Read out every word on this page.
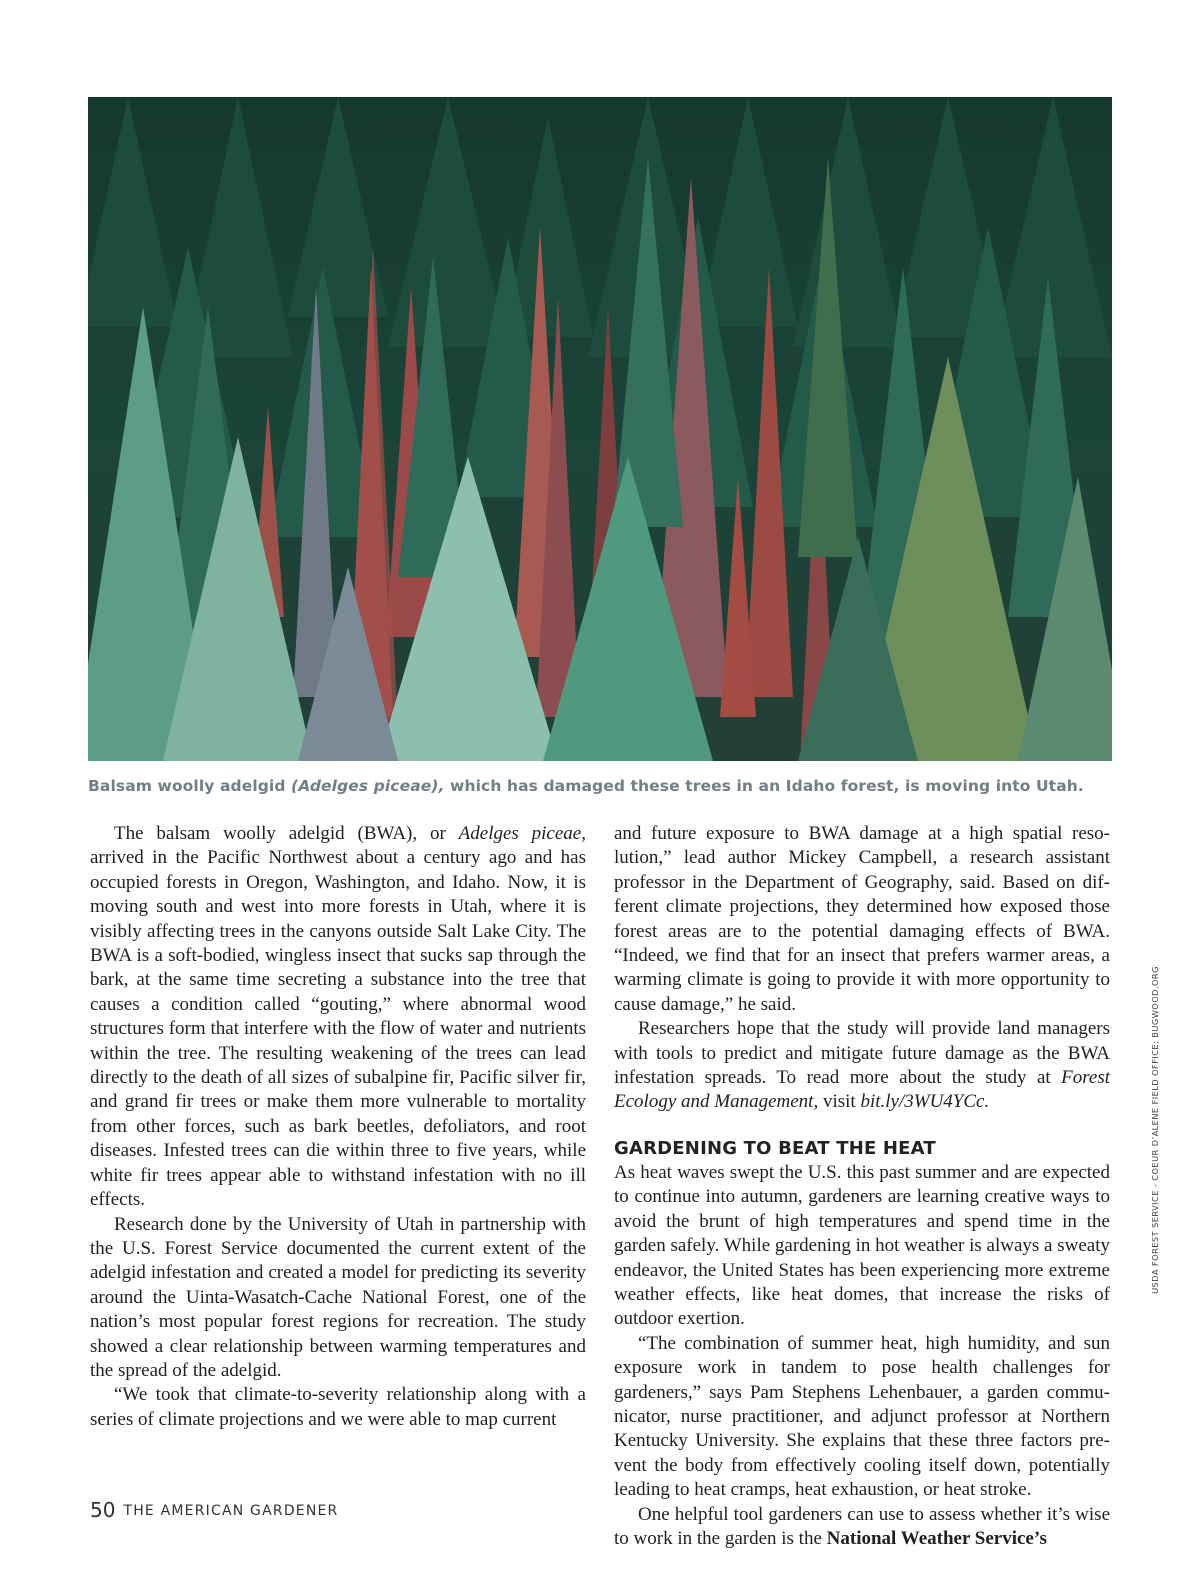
Balsam woolly adelgid (Adelges piceae), which has damaged these trees in an Idaho forest, is moving into Utah.

The balsam woolly adelgid (BWA), or Adelges piceae, arrived in the Pacific Northwest about a century ago and has occupied forests in Oregon, Washington, and Idaho. Now, it is moving south and west into more forests in Utah, where it is visibly affecting trees in the canyons outside Salt Lake City. The BWA is a soft-bodied, wingless insect that sucks sap through the bark, at the same time secreting a substance into the tree that causes a condition called “gouting,” where abnormal wood structures form that interfere with the flow of water and nutrients within the tree. The resulting weakening of the trees can lead directly to the death of all sizes of subalpine fir, Pacific silver fir, and grand fir trees or make them more vulnerable to mortality from other forces, such as bark beetles, defoliators, and root diseases. Infested trees can die within three to five years, while white fir trees appear able to withstand infestation with no ill effects.

Research done by the University of Utah in partnership with the U.S. Forest Service documented the current extent of the adelgid infestation and created a model for predicting its severity around the Uinta-Wasatch-Cache National Forest, one of the nation’s most popular forest regions for recreation. The study showed a clear relationship between warming temperatures and the spread of the adelgid.

“We took that climate-to-severity relationship along with a series of climate projections and we were able to map current

and future exposure to BWA damage at a high spatial resolution,” lead author Mickey Campbell, a research assistant professor in the Department of Geography, said. Based on different climate projections, they determined how exposed those forest areas are to the potential damaging effects of BWA. “Indeed, we find that for an insect that prefers warmer areas, a warming climate is going to provide it with more opportunity to cause damage,” he said.

Researchers hope that the study will provide land managers with tools to predict and mitigate future damage as the BWA infestation spreads. To read more about the study at Forest Ecology and Management, visit bit.ly/3WU4YCc.

GARDENING TO BEAT THE HEAT

As heat waves swept the U.S. this past summer and are expected to continue into autumn, gardeners are learning creative ways to avoid the brunt of high temperatures and spend time in the garden safely. While gardening in hot weather is always a sweaty endeavor, the United States has been experiencing more extreme weather effects, like heat domes, that increase the risks of outdoor exertion.

“The combination of summer heat, high humidity, and sun exposure work in tandem to pose health challenges for gardeners,” says Pam Stephens Lehenbauer, a garden communicator, nurse practitioner, and adjunct professor at Northern Kentucky University. She explains that these three factors prevent the body from effectively cooling itself down, potentially leading to heat cramps, heat exhaustion, or heat stroke.

One helpful tool gardeners can use to assess whether it’s wise to work in the garden is the National Weather Service’s

50 THE AMERICAN GARDENER
USDA FOREST SERVICE - COEUR D’ALENE FIELD OFFICE; BUGWOOD.ORG
